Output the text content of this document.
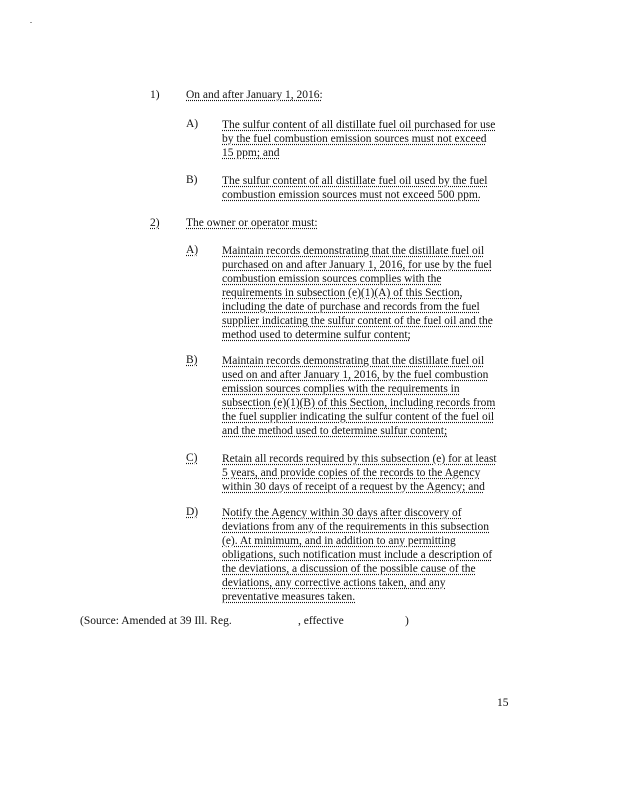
1) On and after January 1, 2016:
A) The sulfur content of all distillate fuel oil purchased for use
by the fuel combustion emission sources must not exceed
15 ppm; and
B) The sulfur content of all distillate fuel oil used by the fuel
combustion emission sources must not exceed 500 ppm.
2) The owner or operator must:
A) Maintain records demonstrating that the distillate fuel oil
purchased on and after January 1, 2016, for use by the fuel
combustion emission sources complies with the
requirements in subsection (e)(1)(A) of this Section,
including the date of purchase and records from the fuel
supplier indicating the sulfur content of the fuel oil and the
method used to determine sulfur content;
B) Maintain records demonstrating that the distillate fuel oil
used on and after January 1, 2016, by the fuel combustion
emission sources complies with the requirements in
subsection (e)(1)(B) of this Section, including records from
the fuel supplier indicating the sulfur content of the fuel oil
and the method used to determine sulfur content;
C) Retain all records required by this subsection (e) for at least
5 years, and provide copies of the records to the Agency
within 30 days of receipt of a request by the Agency; and
D) Notify the Agency within 30 days after discovery of
deviations from any of the requirements in this subsection
(e). At minimum, and in addition to any permitting
obligations, such notification must include a description of
the deviations, a discussion of the possible cause of the
deviations, any corrective actions taken, and any
preventative measures taken.
(Source: Amended at 39 Ill. Reg.	, effective	)
15
